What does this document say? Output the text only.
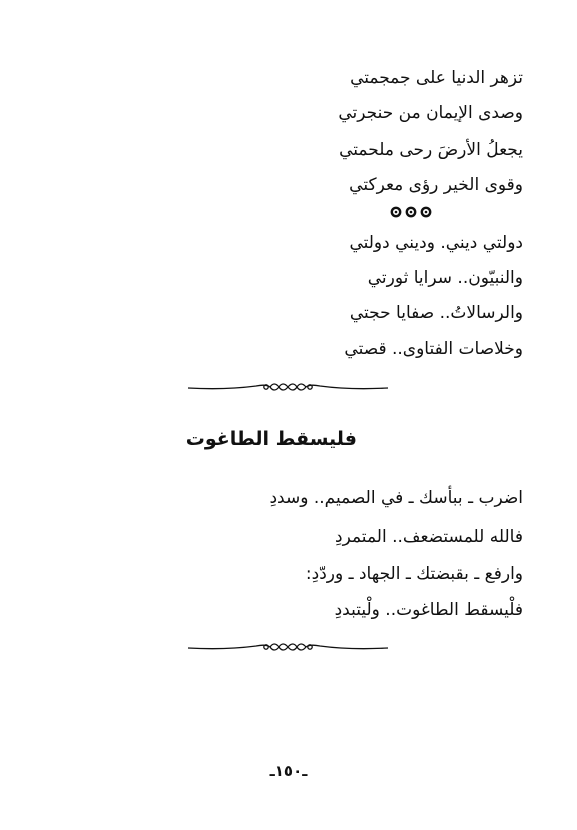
تزهر الدنيا على جمجمتي
وصدى الإيمان من حنجرتي
يجعلُ الأرضَ رحى ملحمتي
وقوى الخير رؤى معركتي
دولتي ديني. وديني دولتي
والنبيّون.. سرايا ثورتي
والرسالاتُ.. صفايا حجتي
وخلاصات الفتاوى.. قصتي
فليسقط الطاغوت
اضرب ـ ببأسك ـ في الصميم.. وسددِ
فالله للمستضعف.. المتمردِ
وارفع ـ بقبضتك ـ الجهاد ـ وردّدِ:
فلْيسقط الطاغوت.. ولْيتبددِ
ـ١٥٠ـ
